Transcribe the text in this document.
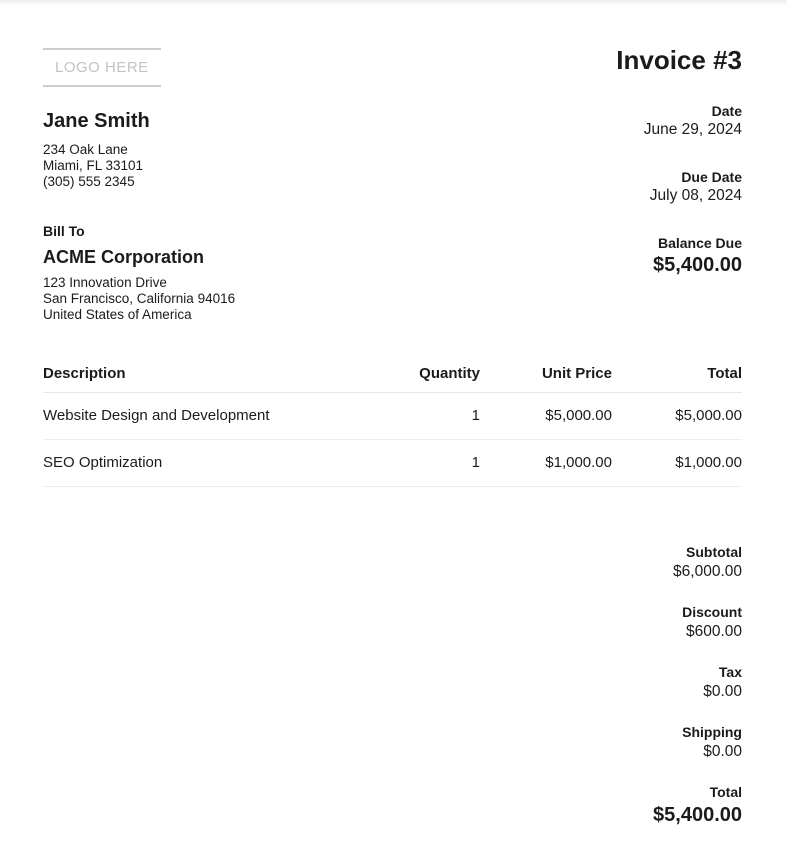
LOGO HERE	Invoice #3
Jane Smith
234 Oak Lane
Miami, FL 33101
(305) 555 2345
Bill To
ACME Corporation
123 Innovation Drive
San Francisco, California 94016
United States of America
Date
June 29, 2024
Due Date
July 08, 2024
Balance Due
$5,400.00
Description	Quantity	Unit Price	Total
Website Design and Development	1	$5,000.00	$5,000.00
SEO Optimization	1	$1,000.00	$1,000.00
Subtotal
$6,000.00
Discount
$600.00
Tax
$0.00
Shipping
$0.00
Total
$5,400.00
